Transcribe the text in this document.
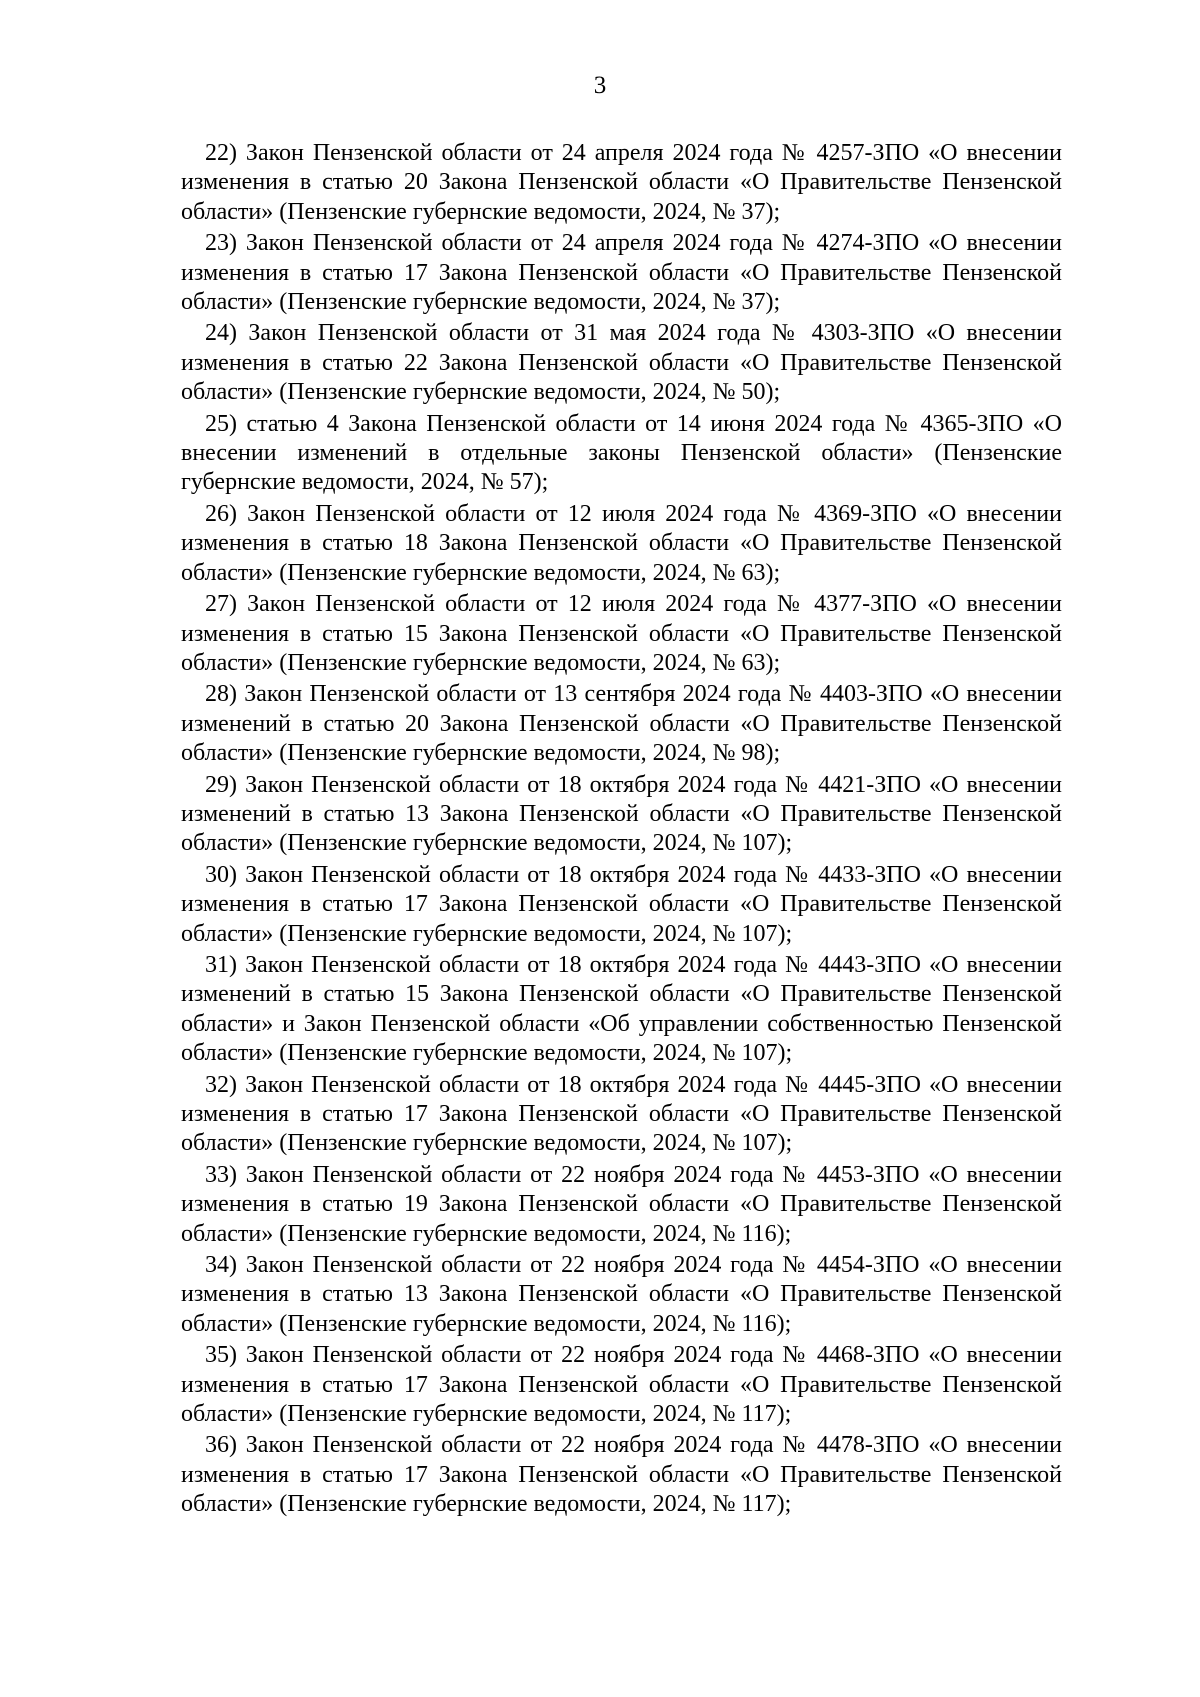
3

22) Закон Пензенской области от 24 апреля 2024 года № 4257-ЗПО «О внесении изменения в статью 20 Закона Пензенской области «О Правительстве Пензенской области» (Пензенские губернские ведомости, 2024, № 37);

23) Закон Пензенской области от 24 апреля 2024 года № 4274-ЗПО «О внесении изменения в статью 17 Закона Пензенской области «О Правительстве Пензенской области» (Пензенские губернские ведомости, 2024, № 37);

24) Закон Пензенской области от 31 мая 2024 года № 4303-ЗПО «О внесении изменения в статью 22 Закона Пензенской области «О Правительстве Пензенской области» (Пензенские губернские ведомости, 2024, № 50);

25) статью 4 Закона Пензенской области от 14 июня 2024 года № 4365-ЗПО «О внесении изменений в отдельные законы Пензенской области» (Пензенские губернские ведомости, 2024, № 57);

26) Закон Пензенской области от 12 июля 2024 года № 4369-ЗПО «О внесении изменения в статью 18 Закона Пензенской области «О Правительстве Пензенской области» (Пензенские губернские ведомости, 2024, № 63);

27) Закон Пензенской области от 12 июля 2024 года № 4377-ЗПО «О внесении изменения в статью 15 Закона Пензенской области «О Правительстве Пензенской области» (Пензенские губернские ведомости, 2024, № 63);

28) Закон Пензенской области от 13 сентября 2024 года № 4403-ЗПО «О внесении изменений в статью 20 Закона Пензенской области «О Правительстве Пензенской области» (Пензенские губернские ведомости, 2024, № 98);

29) Закон Пензенской области от 18 октября 2024 года № 4421-ЗПО «О внесении изменений в статью 13 Закона Пензенской области «О Правительстве Пензенской области» (Пензенские губернские ведомости, 2024, № 107);

30) Закон Пензенской области от 18 октября 2024 года № 4433-ЗПО «О внесении изменения в статью 17 Закона Пензенской области «О Правительстве Пензенской области» (Пензенские губернские ведомости, 2024, № 107);

31) Закон Пензенской области от 18 октября 2024 года № 4443-ЗПО «О внесении изменений в статью 15 Закона Пензенской области «О Правительстве Пензенской области» и Закон Пензенской области «Об управлении собственностью Пензенской области» (Пензенские губернские ведомости, 2024, № 107);

32) Закон Пензенской области от 18 октября 2024 года № 4445-ЗПО «О внесении изменения в статью 17 Закона Пензенской области «О Правительстве Пензенской области» (Пензенские губернские ведомости, 2024, № 107);

33) Закон Пензенской области от 22 ноября 2024 года № 4453-ЗПО «О внесении изменения в статью 19 Закона Пензенской области «О Правительстве Пензенской области» (Пензенские губернские ведомости, 2024, № 116);

34) Закон Пензенской области от 22 ноября 2024 года № 4454-ЗПО «О внесении изменения в статью 13 Закона Пензенской области «О Правительстве Пензенской области» (Пензенские губернские ведомости, 2024, № 116);

35) Закон Пензенской области от 22 ноября 2024 года № 4468-ЗПО «О внесении изменения в статью 17 Закона Пензенской области «О Правительстве Пензенской области» (Пензенские губернские ведомости, 2024, № 117);

36) Закон Пензенской области от 22 ноября 2024 года № 4478-ЗПО «О внесении изменения в статью 17 Закона Пензенской области «О Правительстве Пензенской области» (Пензенские губернские ведомости, 2024, № 117);
